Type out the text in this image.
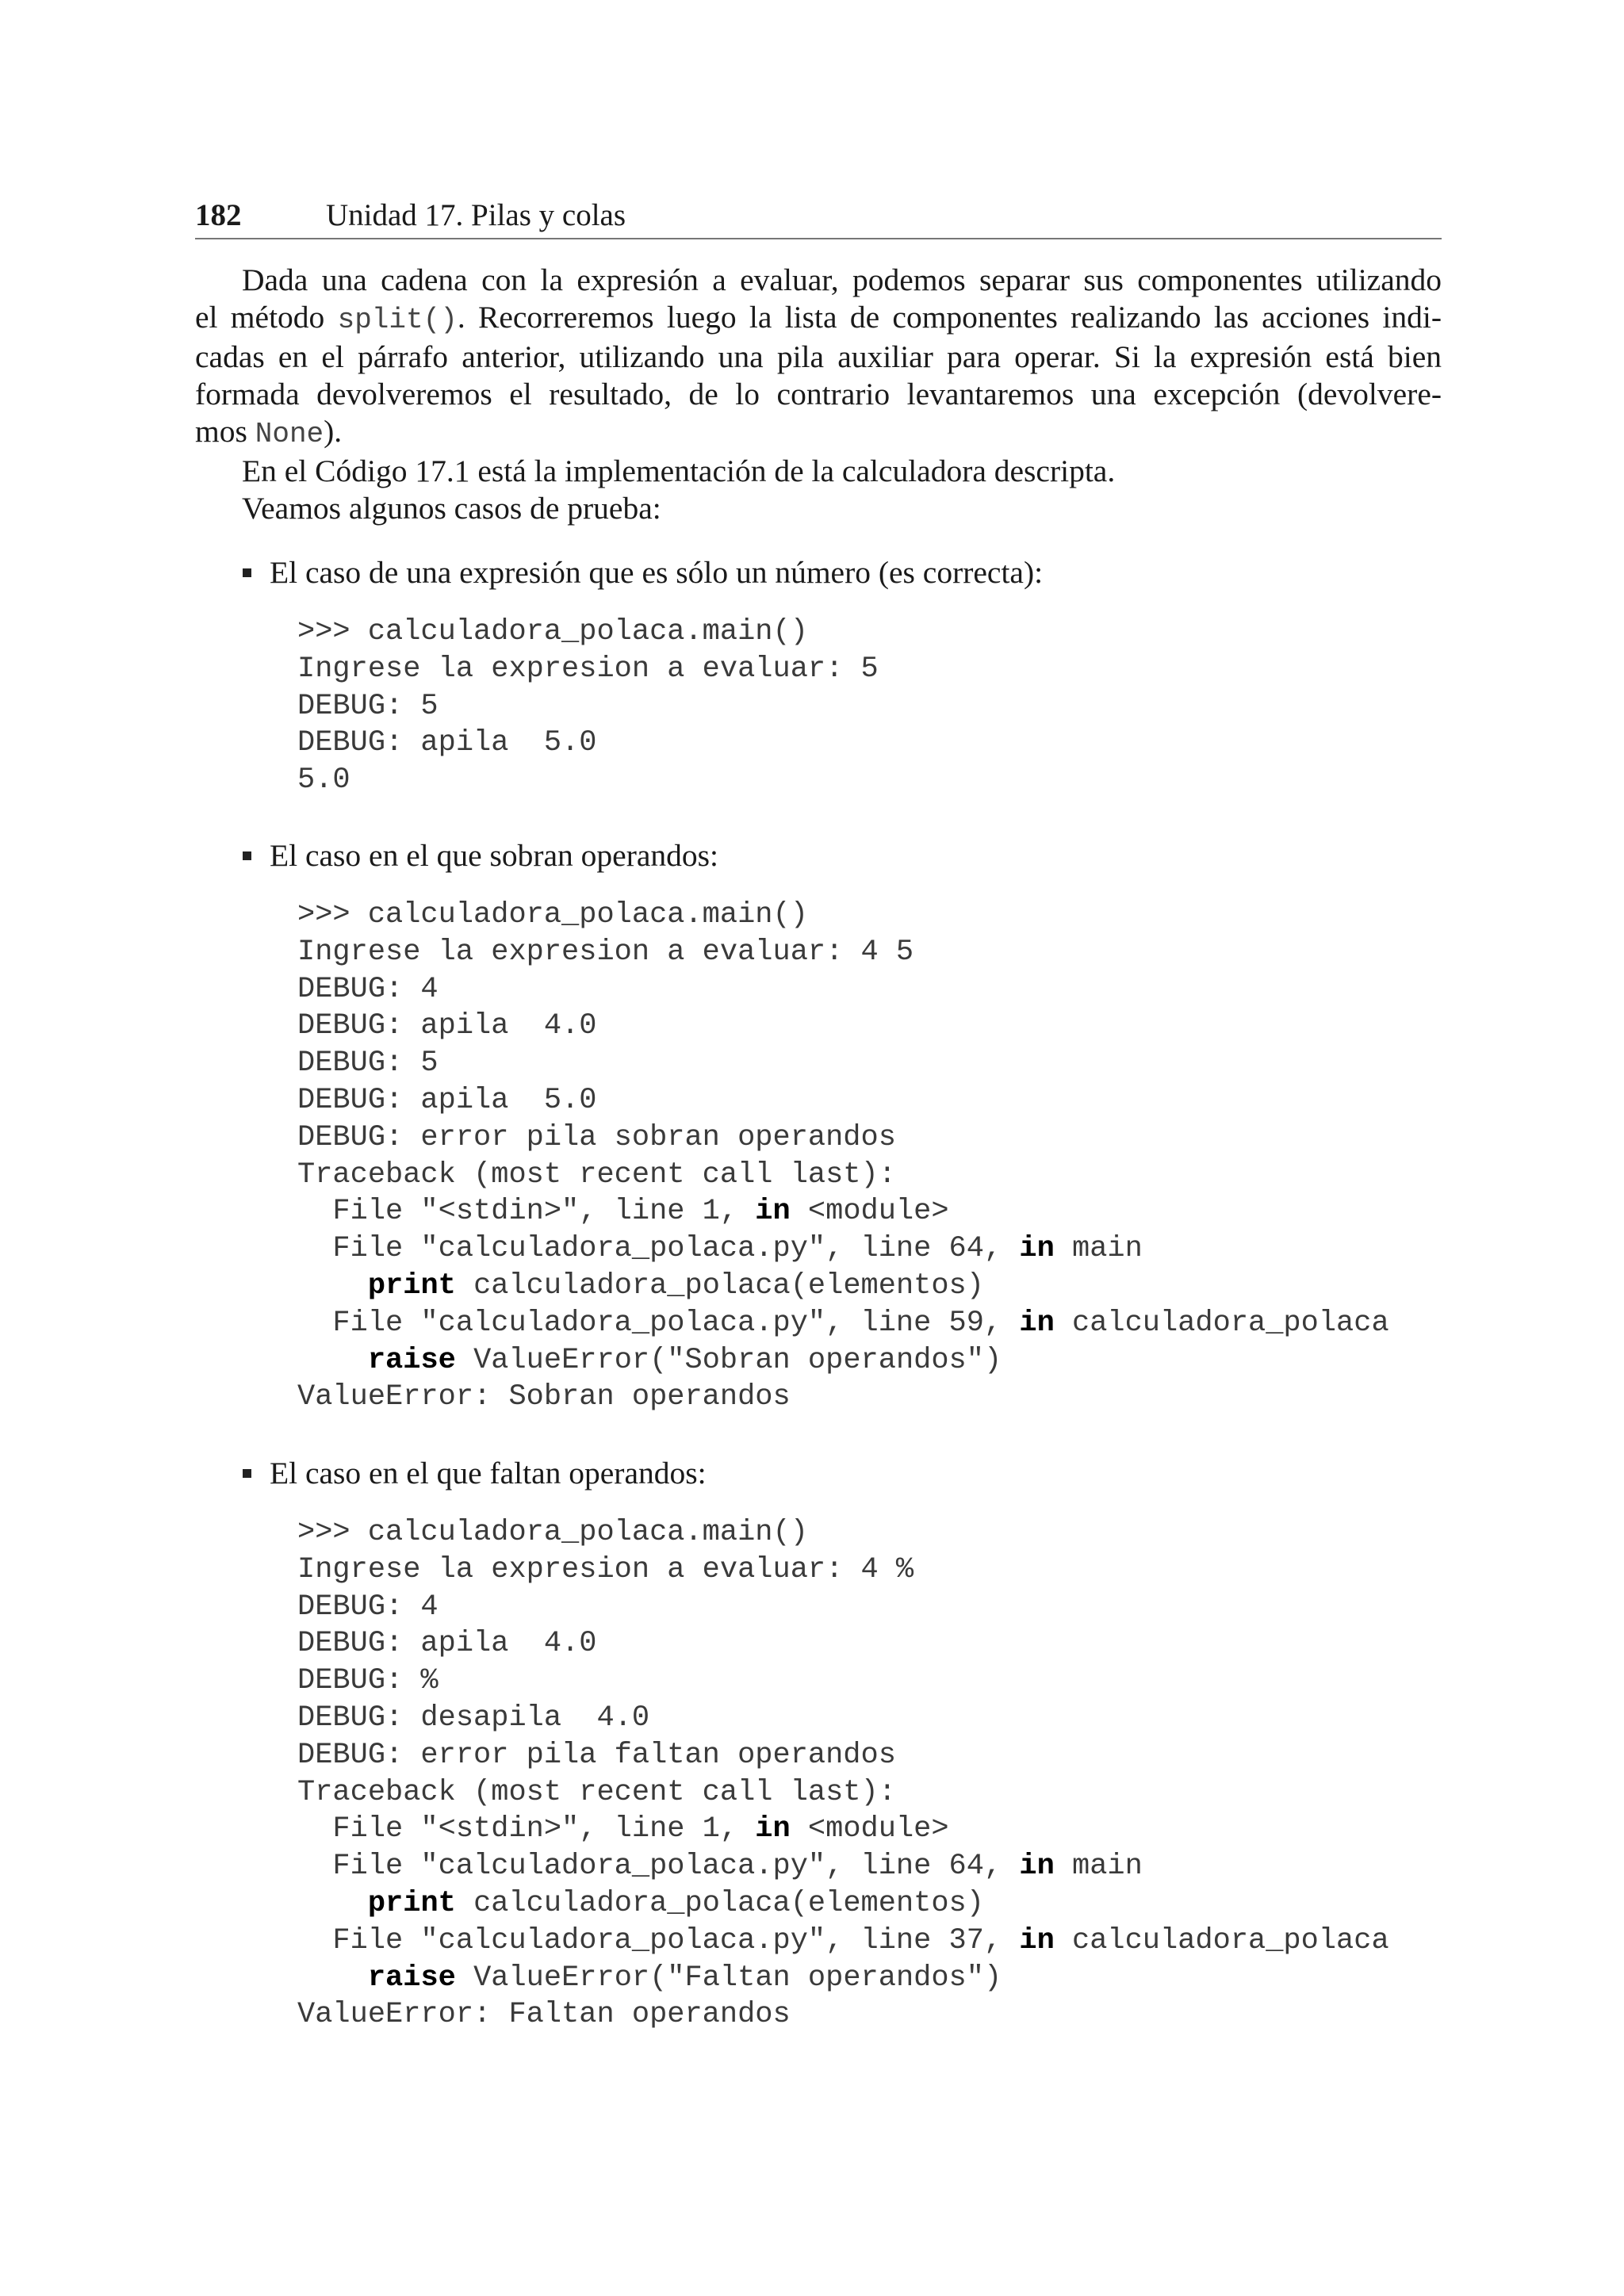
182	Unidad 17. Pilas y colas
Dada una cadena con la expresión a evaluar, podemos separar sus componentes utilizando
el método split(). Recorreremos luego la lista de componentes realizando las acciones indi-
cadas en el párrafo anterior, utilizando una pila auxiliar para operar. Si la expresión está bien
formada devolveremos el resultado, de lo contrario levantaremos una excepción (devolvere-
mos None).
En el Código 17.1 está la implementación de la calculadora descripta.
Veamos algunos casos de prueba:
El caso de una expresión que es sólo un número (es correcta):
>>> calculadora_polaca.main()
Ingrese la expresion a evaluar: 5
DEBUG: 5
DEBUG: apila  5.0
5.0
El caso en el que sobran operandos:
>>> calculadora_polaca.main()
Ingrese la expresion a evaluar: 4 5
DEBUG: 4
DEBUG: apila  4.0
DEBUG: 5
DEBUG: apila  5.0
DEBUG: error pila sobran operandos
Traceback (most recent call last):
File "<stdin>", line 1, in <module>
File "calculadora_polaca.py", line 64, in main
print calculadora_polaca(elementos)
File "calculadora_polaca.py", line 59, in calculadora_polaca
raise ValueError("Sobran operandos")
ValueError: Sobran operandos
El caso en el que faltan operandos:
>>> calculadora_polaca.main()
Ingrese la expresion a evaluar: 4 %
DEBUG: 4
DEBUG: apila  4.0
DEBUG: %
DEBUG: desapila  4.0
DEBUG: error pila faltan operandos
Traceback (most recent call last):
File "<stdin>", line 1, in <module>
File "calculadora_polaca.py", line 64, in main
print calculadora_polaca(elementos)
File "calculadora_polaca.py", line 37, in calculadora_polaca
raise ValueError("Faltan operandos")
ValueError: Faltan operandos
